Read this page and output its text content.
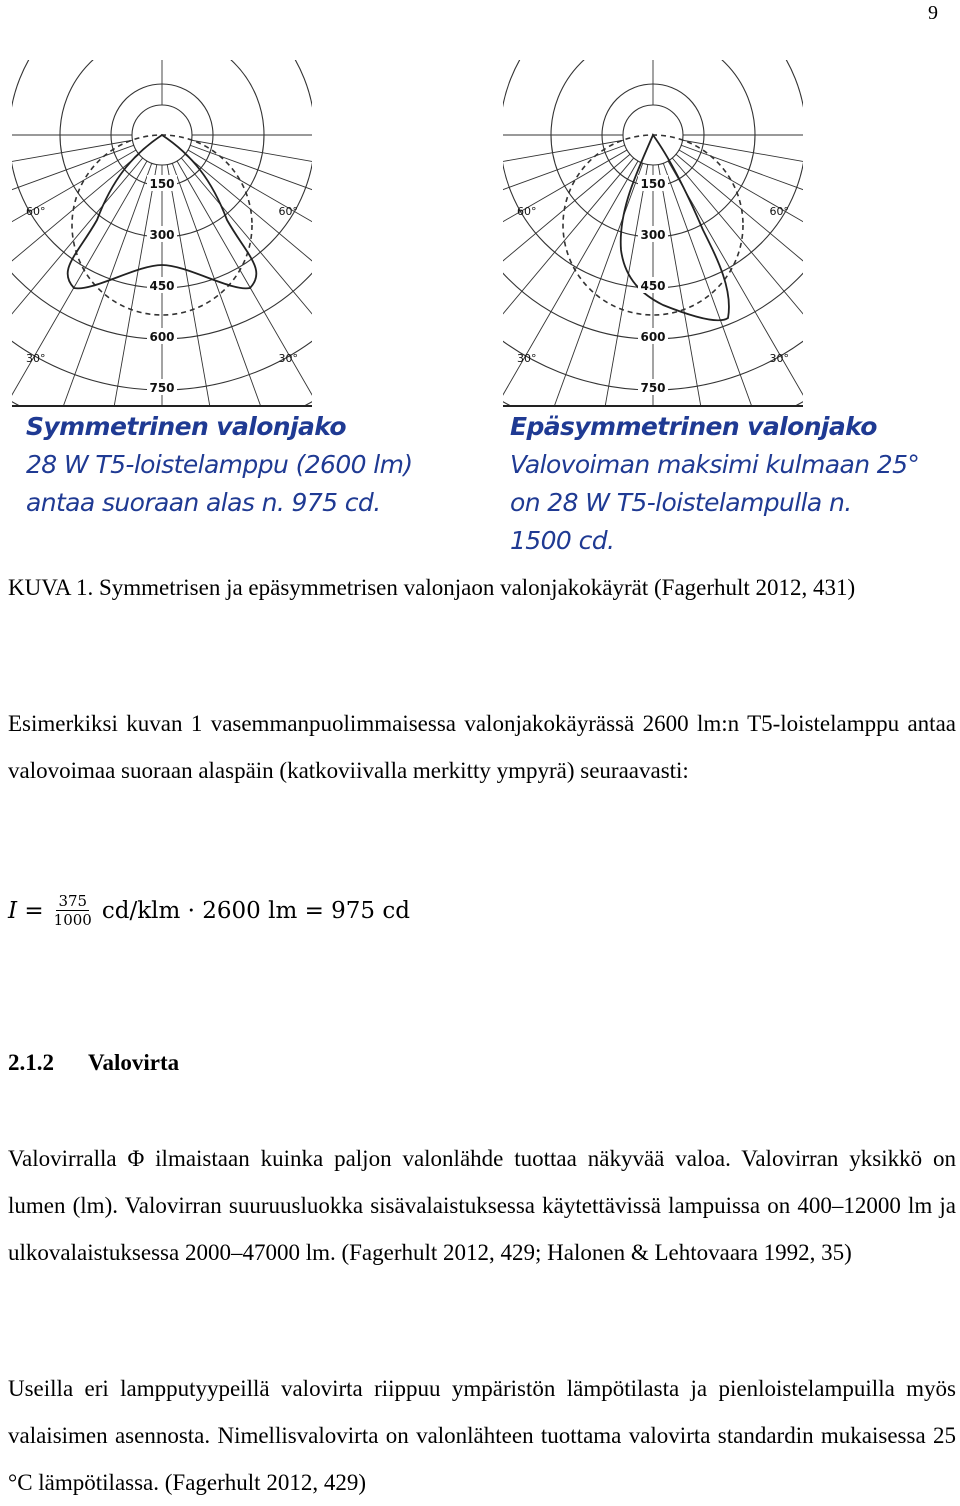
9
150
300
450
600
750
60°	60°
30°	30°
150
300
450
600
750
60°	60°
30°	30°
Symmetrinen valonjako
28 W T5-loistelamppu (2600 lm)
antaa suoraan alas n. 975 cd.
Epäsymmetrinen valonjako
Valovoiman maksimi kulmaan 25°
on 28 W T5-loistelampulla n.
1500 cd.

KUVA 1. Symmetrisen ja epäsymmetrisen valonjaon valonjakokäyrät (Fagerhult 2012, 431)

Esimerkiksi kuvan 1 vasemmanpuolimmaisessa valonjakokäyrässä 2600 lm:n T5-loistelamppu antaa valovoimaa suoraan alaspäin (katkoviivalla merkitty ympyrä) seuraavasti:

$I = \frac{375}{1000} cd/klm \cdot 2600$ lm = 975 cd
2.1.2 Valovirta

Valovirralla Φ ilmaistaan kuinka paljon valonlähde tuottaa näkyvää valoa. Valovirran yksikkö on lumen (lm). Valovirran suuruusluokka sisävalaistuksessa käytettävissä lampuissa on 400–12000 lm ja ulkovalaistuksessa 2000–47000 lm. (Fagerhult 2012, 429; Halonen & Lehtovaara 1992, 35)

Useilla eri lampputyypeillä valovirta riippuu ympäristön lämpötilasta ja pienloistelampuilla myös valaisimen asennosta. Nimellisvalovirta on valonlähteen tuottama valovirta standardin mukaisessa 25 °C lämpötilassa. (Fagerhult 2012, 429)
